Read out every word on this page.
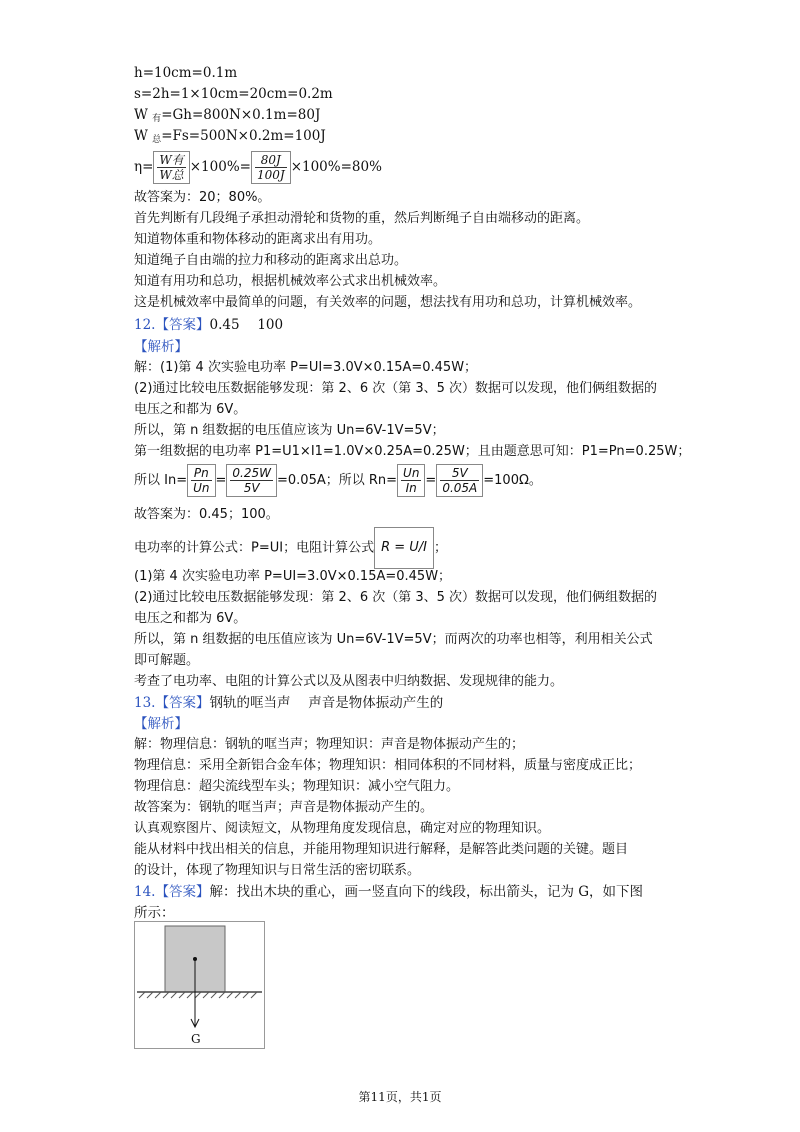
h=10cm=0.1m
s=2h=1×10cm=20cm=0.2m
W $_有$=Gh=800N×0.1m=80J
W $_总$=Fs=500N×0.2m=100J
$\eta= \frac{\text{W有}}{\text{W总}} \times 100\%= \frac{80J}{100J} \times 100\%=80\%$
故答案为：20；80%。
首先判断有几段绳子承担动滑轮和货物的重，然后判断绳子自由端移动的距离。
知道物体重和物体移动的距离求出有用功。
知道绳子自由端的拉力和移动的距离求出总功。
知道有用功和总功，根据机械效率公式求出机械效率。
这是机械效率中最简单的问题，有关效率的问题，想法找有用功和总功，计算机械效率。
12.【答案】0.45　 100
【解析】
解：(1)第 4 次实验电功率 P=UI=3.0V×0.15A=0.45W；
(2)通过比较电压数据能够发现：第 2、6 次（第 3、5 次）数据可以发现，他们俩组数据的
电压之和都为 6V。
所以，第 n 组数据的电压值应该为 Un=6V-1V=5V；
第一组数据的电功率 P1=U1×I1=1.0V×0.25A=0.25W；且由题意思可知：P1=Pn=0.25W；
所以 $In= \frac{Pn}{Un} = \frac{0.25W}{5V} =0.05A$；所以 $Rn= \frac{Un}{In} = \frac{5V}{0.05A} =100\Omega$。
故答案为：0.45；100。
电功率的计算公式：P=UI；电阻计算公式 R = U/I ；
(1)第 4 次实验电功率 P=UI=3.0V×0.15A=0.45W；
(2)通过比较电压数据能够发现：第 2、6 次（第 3、5 次）数据可以发现，他们俩组数据的
电压之和都为 6V。
所以，第 n 组数据的电压值应该为 Un=6V-1V=5V；而两次的功率也相等，利用相关公式
即可解题。
考查了电功率、电阻的计算公式以及从图表中归纳数据、发现规律的能力。
13.【答案】钢轨的哐当声　 声音是物体振动产生的
【解析】
解：物理信息：钢轨的哐当声；物理知识：声音是物体振动产生的；
物理信息：采用全新铝合金车体；物理知识：相同体积的不同材料，质量与密度成正比；
物理信息：超尖流线型车头；物理知识：减小空气阻力。
故答案为：钢轨的哐当声；声音是物体振动产生的。
认真观察图片、阅读短文，从物理角度发现信息，确定对应的物理知识。
能从材料中找出相关的信息，并能用物理知识进行解释，是解答此类问题的关键。题目
的设计，体现了物理知识与日常生活的密切联系。
14.【答案】解：找出木块的重心，画一竖直向下的线段，标出箭头，记为 G，如下图
所示：
G
第11页，共1页
